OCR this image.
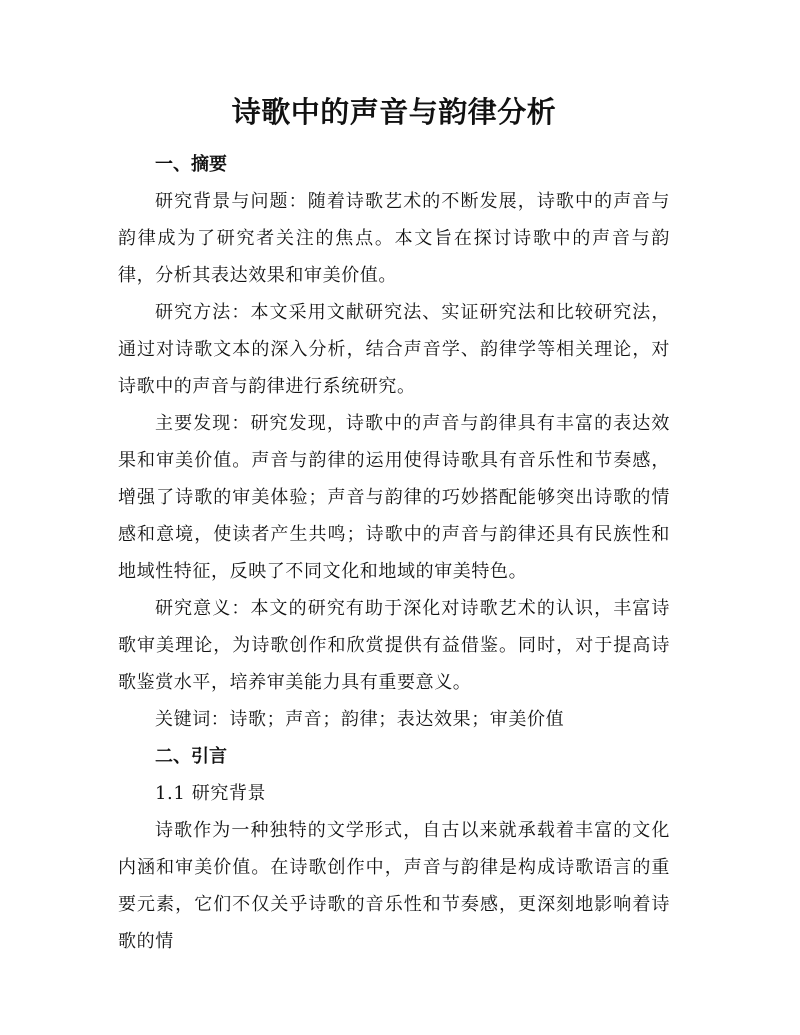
诗歌中的声音与韵律分析
一、摘要

研究背景与问题：随着诗歌艺术的不断发展，诗歌中的声音与韵律成为了研究者关注的焦点。本文旨在探讨诗歌中的声音与韵律，分析其表达效果和审美价值。

研究方法：本文采用文献研究法、实证研究法和比较研究法，通过对诗歌文本的深入分析，结合声音学、韵律学等相关理论，对诗歌中的声音与韵律进行系统研究。

主要发现：研究发现，诗歌中的声音与韵律具有丰富的表达效果和审美价值。声音与韵律的运用使得诗歌具有音乐性和节奏感，增强了诗歌的审美体验；声音与韵律的巧妙搭配能够突出诗歌的情感和意境，使读者产生共鸣；诗歌中的声音与韵律还具有民族性和地域性特征，反映了不同文化和地域的审美特色。

研究意义：本文的研究有助于深化对诗歌艺术的认识，丰富诗歌审美理论，为诗歌创作和欣赏提供有益借鉴。同时，对于提高诗歌鉴赏水平，培养审美能力具有重要意义。

关键词：诗歌；声音；韵律；表达效果；审美价值

二、引言
1.1 研究背景

诗歌作为一种独特的文学形式，自古以来就承载着丰富的文化内涵和审美价值。在诗歌创作中，声音与韵律是构成诗歌语言的重要元素，它们不仅关乎诗歌的音乐性和节奏感，更深刻地影响着诗歌的情
